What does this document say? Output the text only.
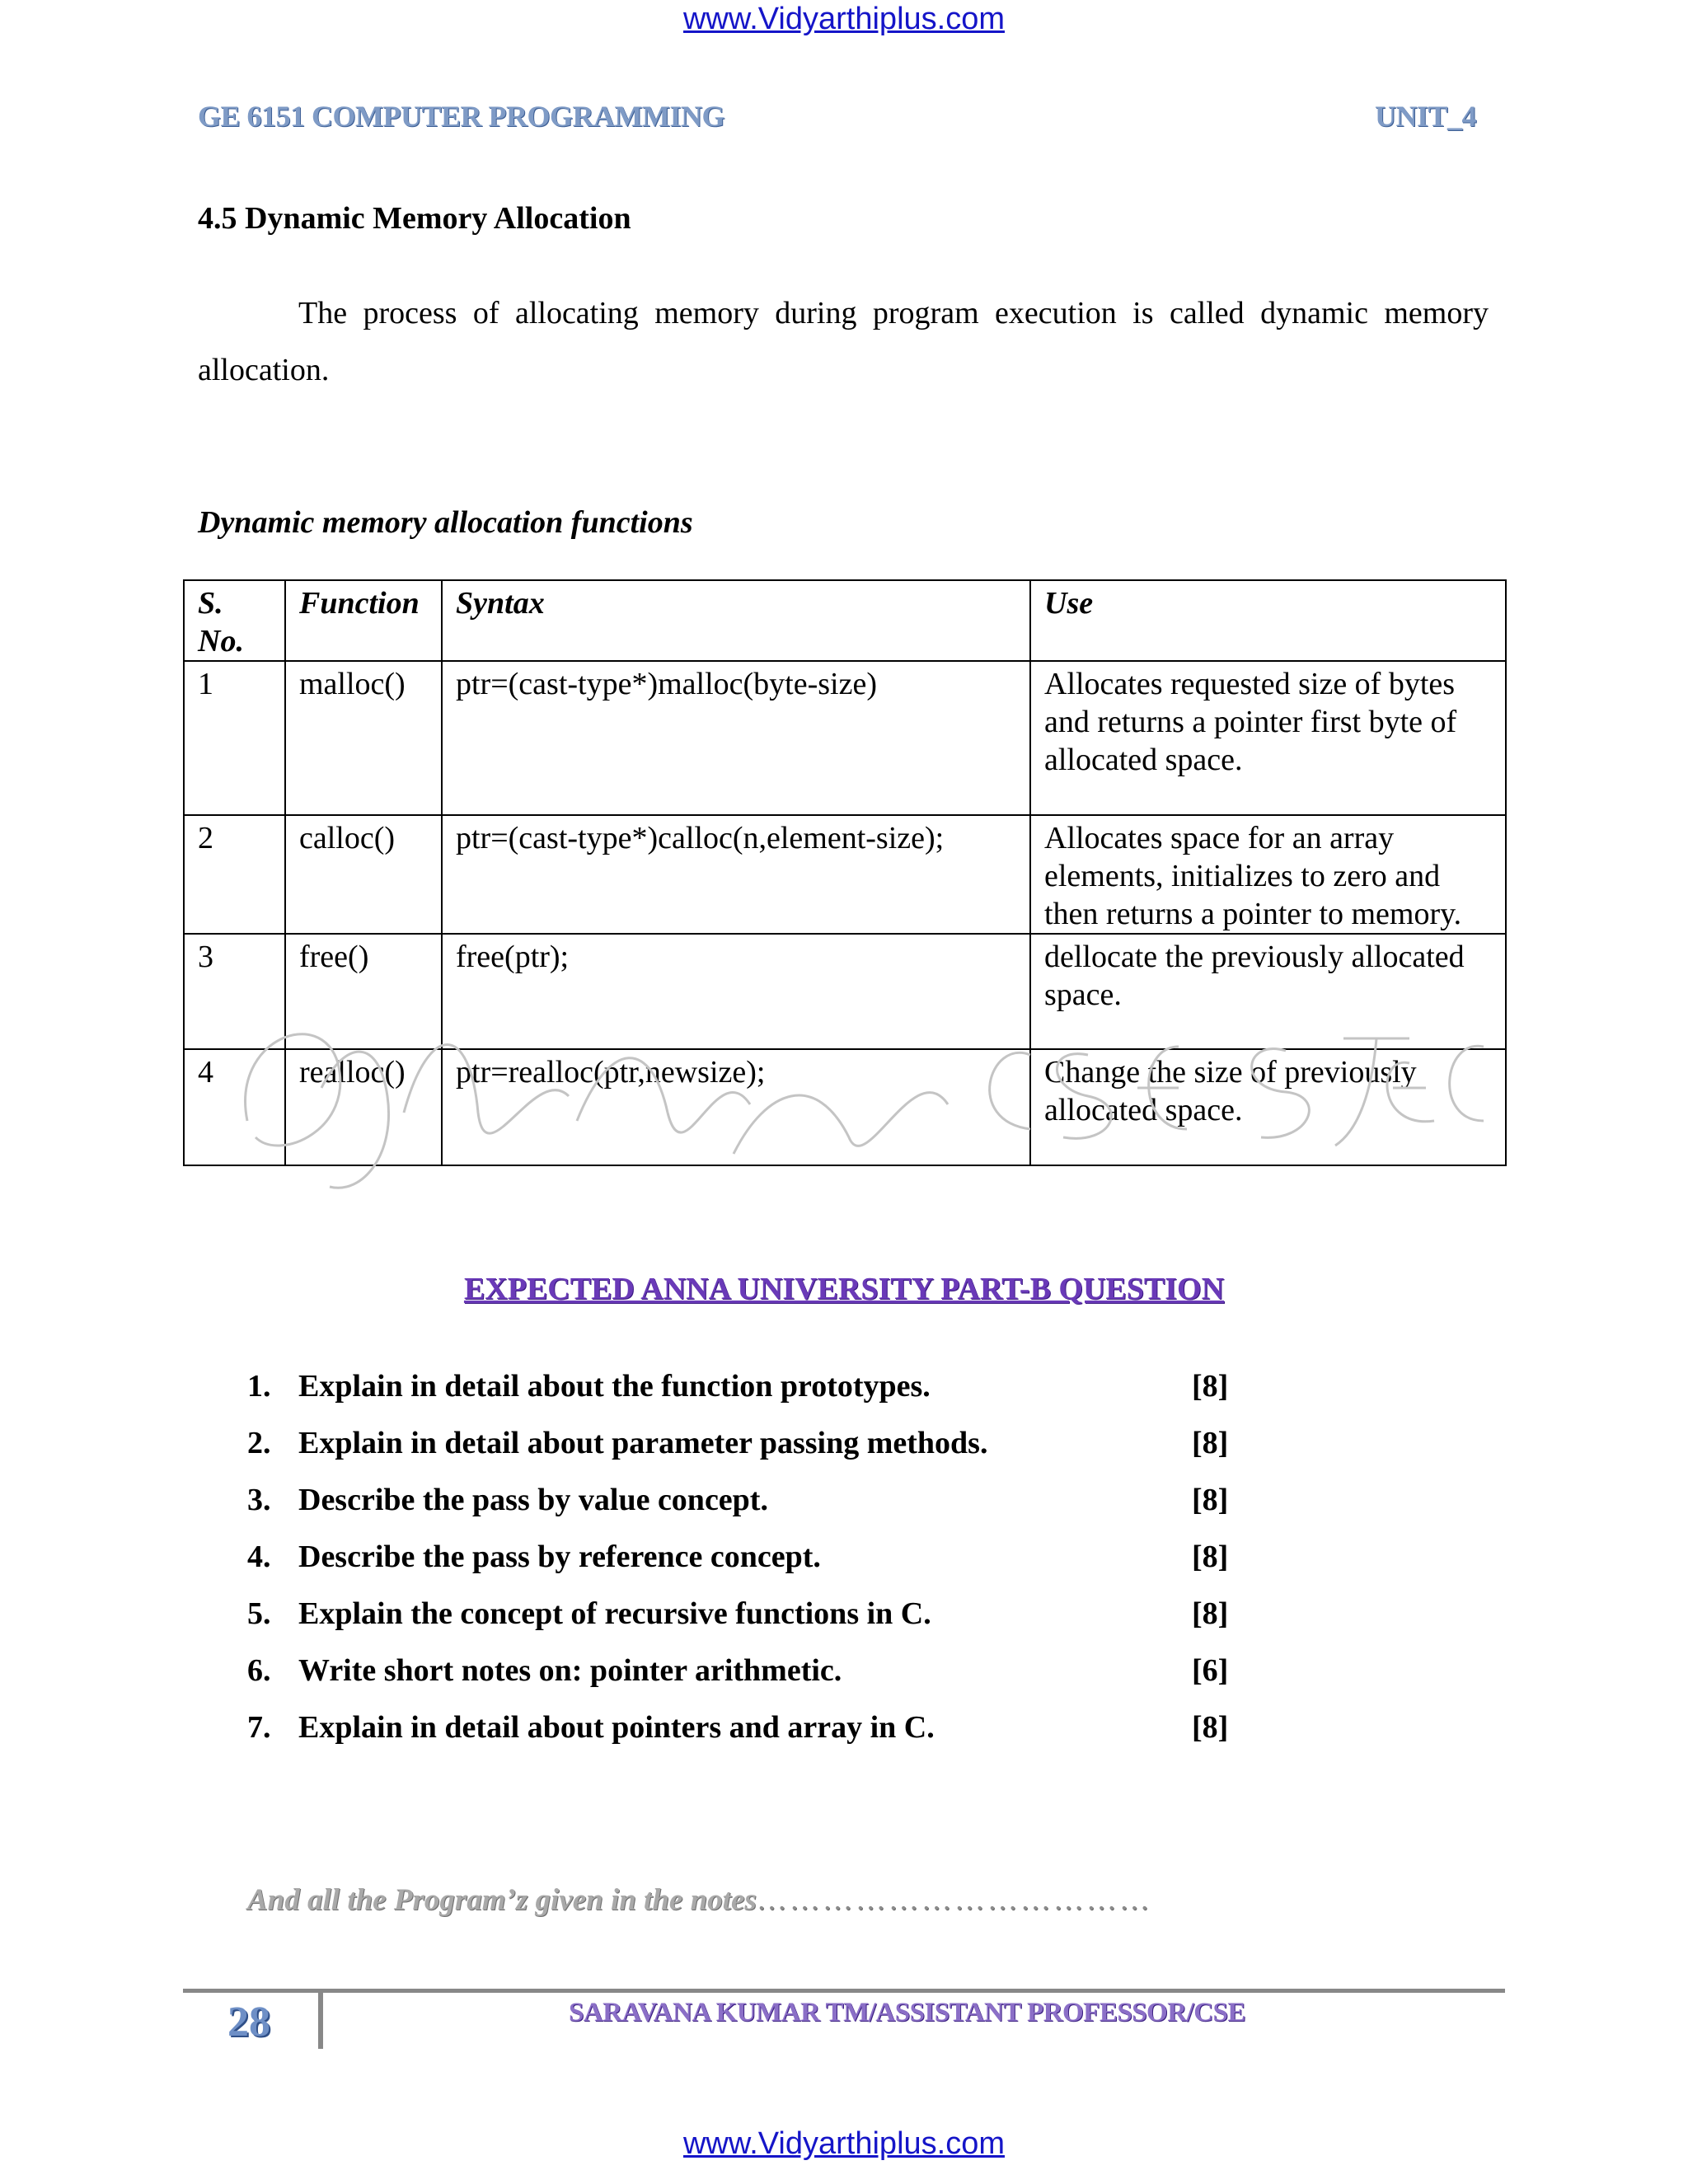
www.Vidyarthiplus.com
GE 6151 COMPUTER PROGRAMMING	UNIT_4
4.5 Dynamic Memory Allocation
The process of allocating memory during program execution is called dynamic memory
allocation.
Dynamic memory allocation functions
S.
No.	Function	Syntax	Use
1	malloc()	ptr=(cast-type*)malloc(byte-size)	Allocates requested size of bytes and returns a pointer first byte of allocated space.
2	calloc()	ptr=(cast-type*)calloc(n,element-size);	Allocates space for an array elements, initializes to zero and then returns a pointer to memory.
3	free()	free(ptr);	dellocate the previously allocated space.
4	realloc()	ptr=realloc(ptr,newsize);	Change the size of previously allocated space.
EXPECTED ANNA UNIVERSITY PART-B QUESTION
1. Explain in detail about the function prototypes.	[8]
2. Explain in detail about parameter passing methods.	[8]
3. Describe the pass by value concept.	[8]
4. Describe the pass by reference concept.	[8]
5. Explain the concept of recursive functions in C.	[8]
6. Write short notes on: pointer arithmetic.	[6]
7. Explain in detail about pointers and array in C.	[8]
And all the Program’z given in the notes………………………………
28	SARAVANA KUMAR TM/ASSISTANT PROFESSOR/CSE
www.Vidyarthiplus.com
